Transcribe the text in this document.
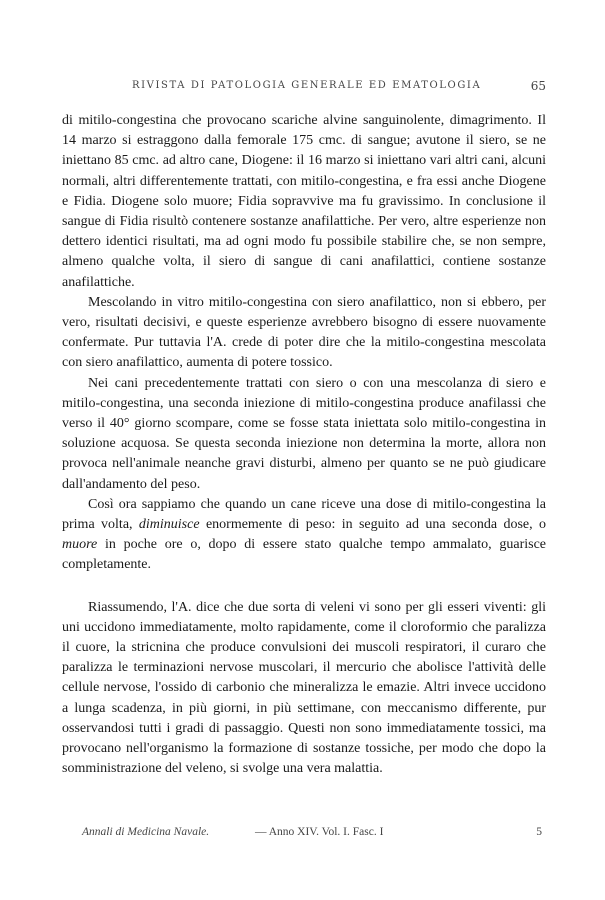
RIVISTA DI PATOLOGIA GENERALE ED EMATOLOGIA	65

di mitilo-congestina che provocano scariche alvine sanguinolente, dimagrimento. Il 14 marzo si estraggono dalla femorale 175 cmc. di sangue; avutone il siero, se ne iniettano 85 cmc. ad altro cane, Diogene: il 16 marzo si iniettano vari altri cani, alcuni normali, altri differentemente trattati, con mitilo-congestina, e fra essi anche Diogene e Fidia. Diogene solo muore; Fidia sopravvive ma fu gravissimo. In conclusione il sangue di Fidia risultò contenere sostanze anafilattiche. Per vero, altre esperienze non dettero identici risultati, ma ad ogni modo fu possibile stabilire che, se non sempre, almeno qualche volta, il siero di sangue di cani anafilattici, contiene sostanze anafilattiche.

Mescolando in vitro mitilo-congestina con siero anafilattico, non si ebbero, per vero, risultati decisivi, e queste esperienze avrebbero bisogno di essere nuovamente confermate. Pur tuttavia l'A. crede di poter dire che la mitilo-congestina mescolata con siero anafilattico, aumenta di potere tossico.

Nei cani precedentemente trattati con siero o con una mescolanza di siero e mitilo-congestina, una seconda iniezione di mitilo-congestina produce anafilassi che verso il 40° giorno scompare, come se fosse stata iniettata solo mitilo-congestina in soluzione acquosa. Se questa seconda iniezione non determina la morte, allora non provoca nell'animale neanche gravi disturbi, almeno per quanto se ne può giudicare dall'andamento del peso.

Così ora sappiamo che quando un cane riceve una dose di mitilo-congestina la prima volta, diminuisce enormemente di peso: in seguito ad una seconda dose, o muore in poche ore o, dopo di essere stato qualche tempo ammalato, guarisce completamente.

Riassumendo, l'A. dice che due sorta di veleni vi sono per gli esseri viventi: gli uni uccidono immediatamente, molto rapidamente, come il cloroformio che paralizza il cuore, la stricnina che produce convulsioni dei muscoli respiratori, il curaro che paralizza le terminazioni nervose muscolari, il mercurio che abolisce l'attività delle cellule nervose, l'ossido di carbonio che mineralizza le emazie. Altri invece uccidono a lunga scadenza, in più giorni, in più settimane, con meccanismo differente, pur osservandosi tutti i gradi di passaggio. Questi non sono immediatamente tossici, ma provocano nell'organismo la formazione di sostanze tossiche, per modo che dopo la somministrazione del veleno, si svolge una vera malattia.

Annali di Medicina Navale.	— Anno XIV. Vol. I. Fasc. I	5
